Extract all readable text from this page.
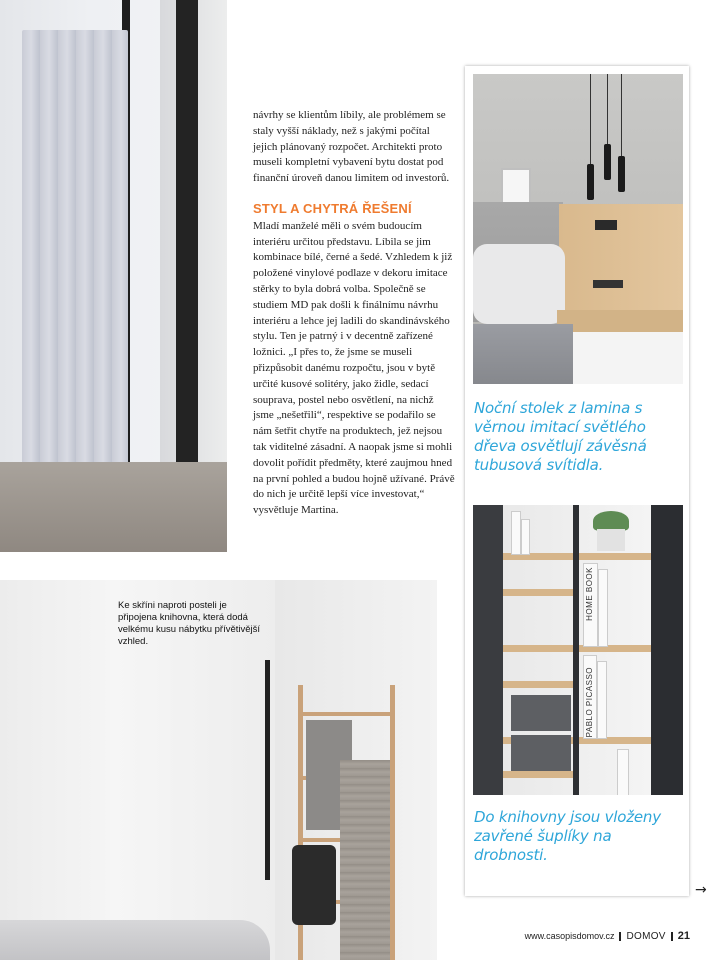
návrhy se klientům líbily, ale problémem se staly vyšší náklady, než s jakými počítal jejich plánovaný rozpočet. Architekti proto museli kompletní vybavení bytu dostat pod finanční úroveň danou limitem od investorů.

STYL A CHYTRÁ ŘEŠENÍ

Mladí manželé měli o svém budoucím interiéru určitou představu. Líbila se jim kombinace bílé, černé a šedé. Vzhledem k již položené vinylové podlaze v dekoru imitace stěrky to byla dobrá volba. Společně se studiem MD pak došli k finálnímu návrhu interiéru a lehce jej ladili do skandinávského stylu. Ten je patrný i v decentně zařízené ložnici. „I přes to, že jsme se museli přizpůsobit danému rozpočtu, jsou v bytě určité kusové solitéry, jako židle, sedací souprava, postel nebo osvětlení, na nichž jsme „nešetřili“, respektive se podařilo se nám šetřit chytře na produktech, jež nejsou tak viditelné zásadní. A naopak jsme si mohli dovolit pořídit předměty, které zaujmou hned na první pohled a budou hojně užívané. Právě do nich je určitě lepší více investovat,“ vysvětluje Martina.

Ke skříni naproti posteli je připojena knihovna, která dodá velkému kusu nábytku přívětivější vzhled.
Noční stolek z lamina s věrnou imitací světlého dřeva osvětlují závěsná tubusová svítidla.
HOME BOOK
PABLO PICASSO
Do knihovny jsou vloženy zavřené šuplíky na drobnosti.
→
www.casopisdomov.cz DOMOV 21
